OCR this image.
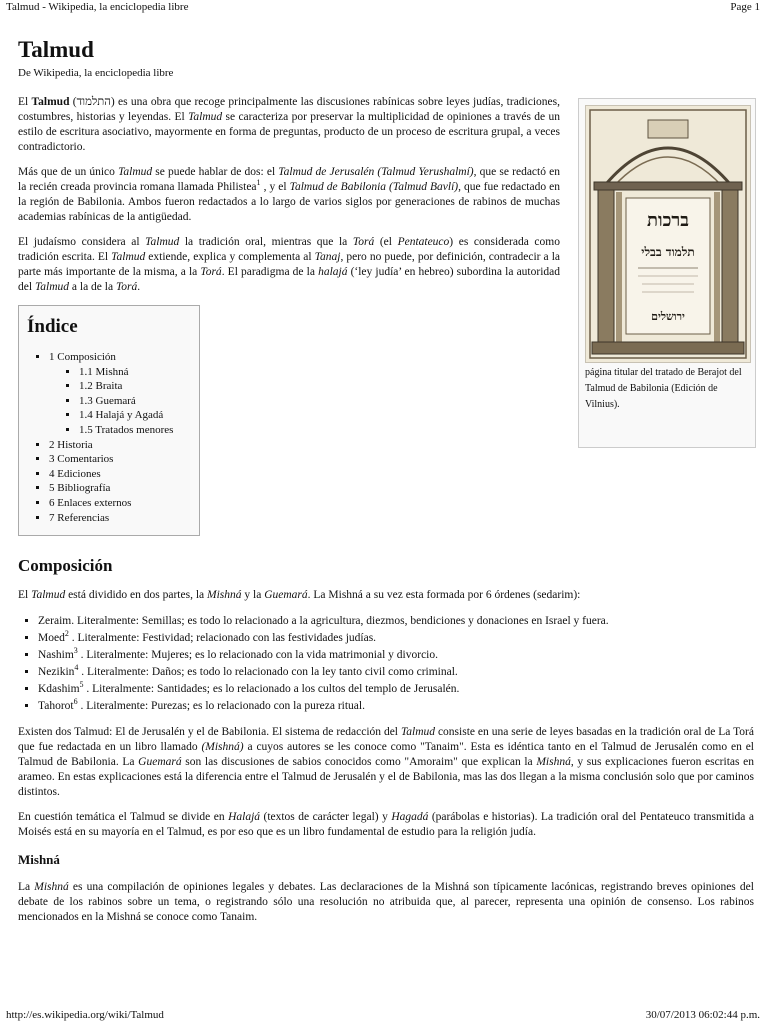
Talmud - Wikipedia, la enciclopedia libre	Page 1
Talmud
De Wikipedia, la enciclopedia libre

El Talmud (התלמוד) es una obra que recoge principalmente las discusiones rabínicas sobre leyes judías, tradiciones, costumbres, historias y leyendas. El Talmud se caracteriza por preservar la multiplicidad de opiniones a través de un estilo de escritura asociativo, mayormente en forma de preguntas, producto de un proceso de escritura grupal, a veces contradictorio.

Más que de un único Talmud se puede hablar de dos: el Talmud de Jerusalén (Talmud Yerushalmí), que se redactó en la recién creada provincia romana llamada Philistea$^1$ , y el Talmud de Babilonia (Talmud Bavlí), que fue redactado en la región de Babilonia. Ambos fueron redactados a lo largo de varios siglos por generaciones de rabinos de muchas academias rabínicas de la antigüedad.

El judaísmo considera al Talmud la tradición oral, mientras que la Torá (el Pentateuco) es considerada como tradición escrita. El Talmud extiende, explica y complementa al Tanaj, pero no puede, por definición, contradecir a la parte más importante de la misma, a la Torá. El paradigma de la halajá (‘ley judía’ en hebreo) subordina la autoridad del Talmud a la de la Torá.

ברכות
תלמוד בבלי
ירושלים
página titular del tratado de Berajot del Talmud de Babilonia (Edición de Vilnius).
Índice
▪ 1 Composición
▪ 1.1 Mishná
▪ 1.2 Braita
▪ 1.3 Guemará
▪ 1.4 Halajá y Agadá
▪ 1.5 Tratados menores
▪ 2 Historia
▪ 3 Comentarios
▪ 4 Ediciones
▪ 5 Bibliografía
▪ 6 Enlaces externos
▪ 7 Referencias
Composición

El Talmud está dividido en dos partes, la Mishná y la Guemará. La Mishná a su vez esta formada por 6 órdenes (sedarim):

▪ Zeraim. Literalmente: Semillas; es todo lo relacionado a la agricultura, diezmos, bendiciones y donaciones en Israel y fuera.
▪ Moed$^2$ . Literalmente: Festividad; relacionado con las festividades judías.
▪ Nashim$^3$ . Literalmente: Mujeres; es lo relacionado con la vida matrimonial y divorcio.
▪ Nezikin$^4$ . Literalmente: Daños; es todo lo relacionado con la ley tanto civil como criminal.
▪ Kdashim$^5$ . Literalmente: Santidades; es lo relacionado a los cultos del templo de Jerusalén.
▪ Tahorot$^6$ . Literalmente: Purezas; es lo relacionado con la pureza ritual.

Existen dos Talmud: El de Jerusalén y el de Babilonia. El sistema de redacción del Talmud consiste en una serie de leyes basadas en la tradición oral de La Torá que fue redactada en un libro llamado (Mishná) a cuyos autores se les conoce como "Tanaim". Esta es idéntica tanto en el Talmud de Jerusalén como en el Talmud de Babilonia. La Guemará son las discusiones de sabios conocidos como "Amoraim" que explican la Mishná, y sus explicaciones fueron escritas en arameo. En estas explicaciones está la diferencia entre el Talmud de Jerusalén y el de Babilonia, mas las dos llegan a la misma conclusión solo que por caminos distintos.

En cuestión temática el Talmud se divide en Halajá (textos de carácter legal) y Hagadá (parábolas e historias). La tradición oral del Pentateuco transmitida a Moisés está en su mayoría en el Talmud, es por eso que es un libro fundamental de estudio para la religión judía.

Mishná

La Mishná es una compilación de opiniones legales y debates. Las declaraciones de la Mishná son típicamente lacónicas, registrando breves opiniones del debate de los rabinos sobre un tema, o registrando sólo una resolución no atribuida que, al parecer, representa una opinión de consenso. Los rabinos mencionados en la Mishná se conoce como Tanaim.

http://es.wikipedia.org/wiki/Talmud	30/07/2013 06:02:44 p.m.
